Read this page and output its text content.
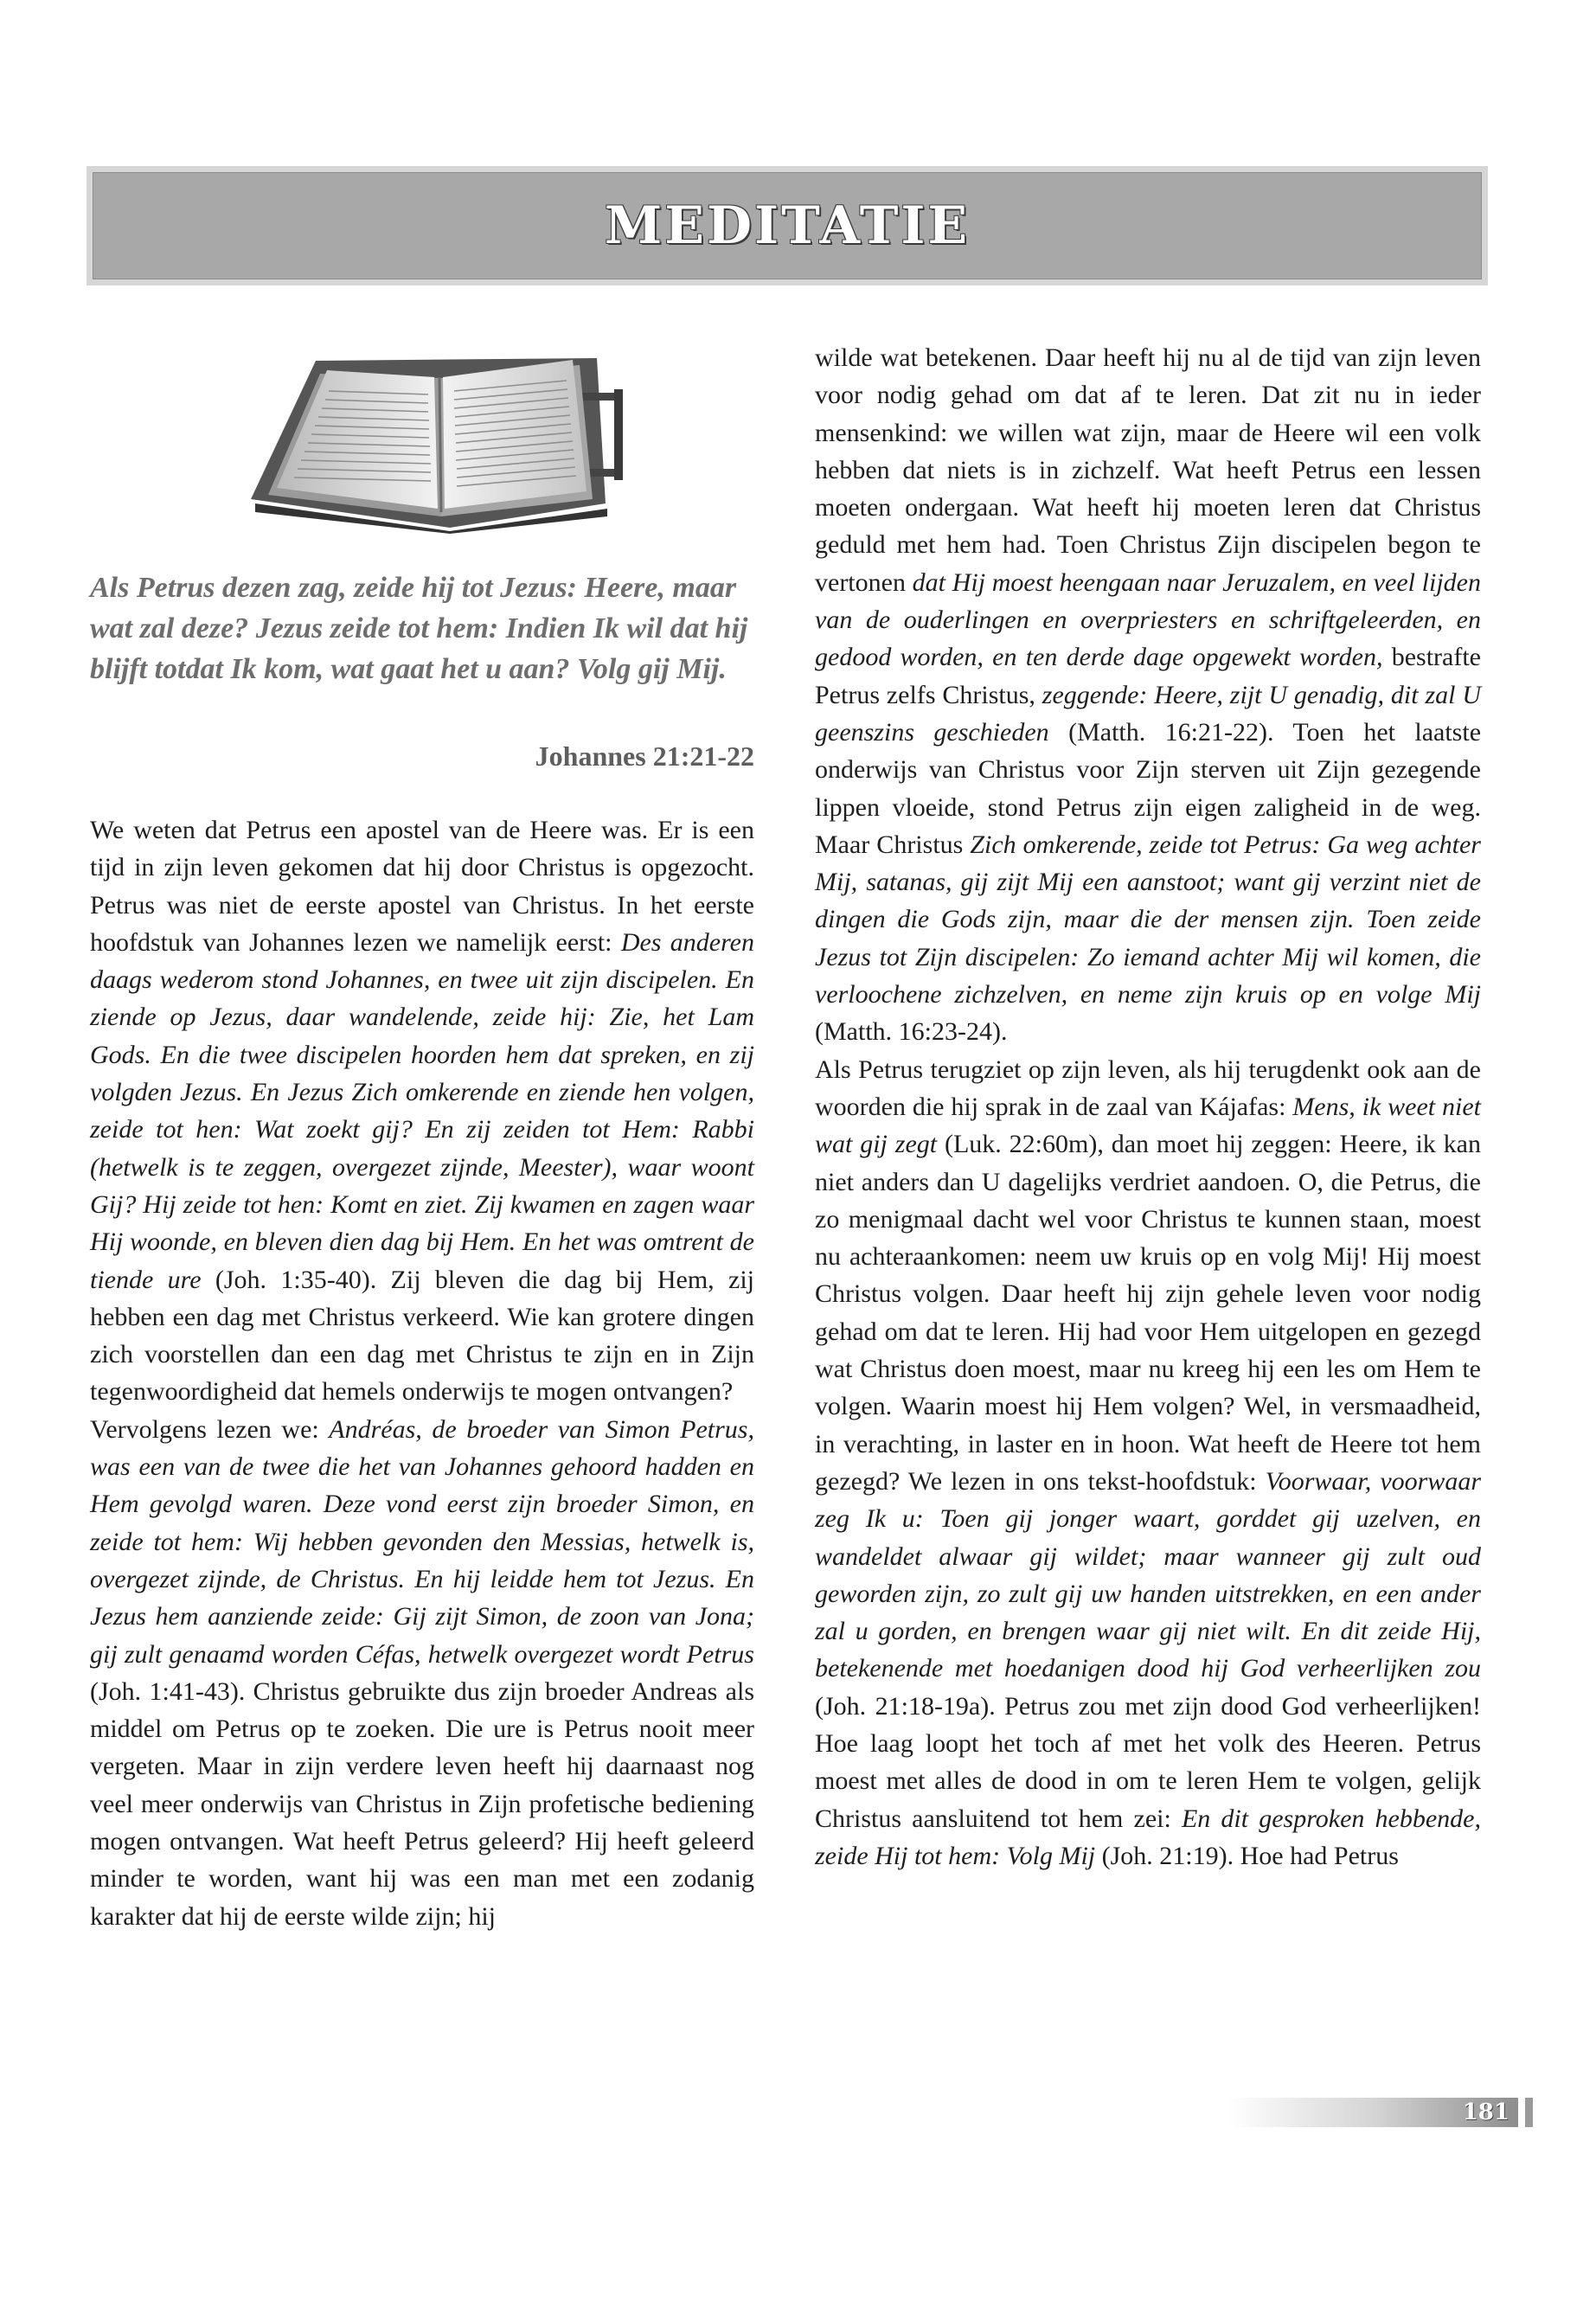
MEDITATIE

Als Petrus dezen zag, zeide hij tot Jezus: Heere, maar wat zal deze? Jezus zeide tot hem: Indien Ik wil dat hij blijft totdat Ik kom, wat gaat het u aan? Volg gij Mij.

Johannes 21:21-22

We weten dat Petrus een apostel van de Heere was. Er is een tijd in zijn leven gekomen dat hij door Christus is opgezocht. Petrus was niet de eerste apostel van Christus. In het eerste hoofdstuk van Johannes lezen we namelijk eerst: Des anderen daags wederom stond Johannes, en twee uit zijn discipelen. En ziende op Jezus, daar wandelende, zeide hij: Zie, het Lam Gods. En die twee discipelen hoorden hem dat spreken, en zij volgden Jezus. En Jezus Zich omkerende en ziende hen volgen, zeide tot hen: Wat zoekt gij? En zij zeiden tot Hem: Rabbi (hetwelk is te zeggen, overgezet zijnde, Meester), waar woont Gij? Hij zeide tot hen: Komt en ziet. Zij kwamen en zagen waar Hij woonde, en bleven dien dag bij Hem. En het was omtrent de tiende ure (Joh. 1:35-40). Zij bleven die dag bij Hem, zij hebben een dag met Christus verkeerd. Wie kan grotere dingen zich voorstellen dan een dag met Christus te zijn en in Zijn tegenwoordigheid dat hemels onderwijs te mogen ontvangen?

Vervolgens lezen we: Andréas, de broeder van Simon Petrus, was een van de twee die het van Johannes gehoord hadden en Hem gevolgd waren. Deze vond eerst zijn broeder Simon, en zeide tot hem: Wij hebben gevonden den Messias, hetwelk is, overgezet zijnde, de Christus. En hij leidde hem tot Jezus. En Jezus hem aanziende zeide: Gij zijt Simon, de zoon van Jona; gij zult genaamd worden Céfas, hetwelk overgezet wordt Petrus (Joh. 1:41-43). Christus gebruikte dus zijn broeder Andreas als middel om Petrus op te zoeken. Die ure is Petrus nooit meer vergeten. Maar in zijn verdere leven heeft hij daarnaast nog veel meer onderwijs van Christus in Zijn profetische bediening mogen ontvangen. Wat heeft Petrus geleerd? Hij heeft geleerd minder te worden, want hij was een man met een zodanig karakter dat hij de eerste wilde zijn; hij

wilde wat betekenen. Daar heeft hij nu al de tijd van zijn leven voor nodig gehad om dat af te leren. Dat zit nu in ieder mensenkind: we willen wat zijn, maar de Heere wil een volk hebben dat niets is in zichzelf. Wat heeft Petrus een lessen moeten ondergaan. Wat heeft hij moeten leren dat Christus geduld met hem had. Toen Christus Zijn discipelen begon te vertonen dat Hij moest heengaan naar Jeruzalem, en veel lijden van de ouderlingen en overpriesters en schriftgeleerden, en gedood worden, en ten derde dage opgewekt worden, bestrafte Petrus zelfs Christus, zeggende: Heere, zijt U genadig, dit zal U geenszins geschieden (Matth. 16:21-22). Toen het laatste onderwijs van Christus voor Zijn sterven uit Zijn gezegende lippen vloeide, stond Petrus zijn eigen zaligheid in de weg. Maar Christus Zich omkerende, zeide tot Petrus: Ga weg achter Mij, satanas, gij zijt Mij een aanstoot; want gij verzint niet de dingen die Gods zijn, maar die der mensen zijn. Toen zeide Jezus tot Zijn discipelen: Zo iemand achter Mij wil komen, die verloochene zichzelven, en neme zijn kruis op en volge Mij (Matth. 16:23-24).

Als Petrus terugziet op zijn leven, als hij terugdenkt ook aan de woorden die hij sprak in de zaal van Kájafas: Mens, ik weet niet wat gij zegt (Luk. 22:60m), dan moet hij zeggen: Heere, ik kan niet anders dan U dagelijks verdriet aandoen. O, die Petrus, die zo menigmaal dacht wel voor Christus te kunnen staan, moest nu achteraankomen: neem uw kruis op en volg Mij! Hij moest Christus volgen. Daar heeft hij zijn gehele leven voor nodig gehad om dat te leren. Hij had voor Hem uitgelopen en gezegd wat Christus doen moest, maar nu kreeg hij een les om Hem te volgen. Waarin moest hij Hem volgen? Wel, in versmaadheid, in verachting, in laster en in hoon. Wat heeft de Heere tot hem gezegd? We lezen in ons tekst-hoofdstuk: Voorwaar, voorwaar zeg Ik u: Toen gij jonger waart, gorddet gij uzelven, en wandeldet alwaar gij wildet; maar wanneer gij zult oud geworden zijn, zo zult gij uw handen uitstrekken, en een ander zal u gorden, en brengen waar gij niet wilt. En dit zeide Hij, betekenende met hoedanigen dood hij God verheerlijken zou (Joh. 21:18-19a). Petrus zou met zijn dood God verheerlijken! Hoe laag loopt het toch af met het volk des Heeren. Petrus moest met alles de dood in om te leren Hem te volgen, gelijk Christus aansluitend tot hem zei: En dit gesproken hebbende, zeide Hij tot hem: Volg Mij (Joh. 21:19). Hoe had Petrus

181
